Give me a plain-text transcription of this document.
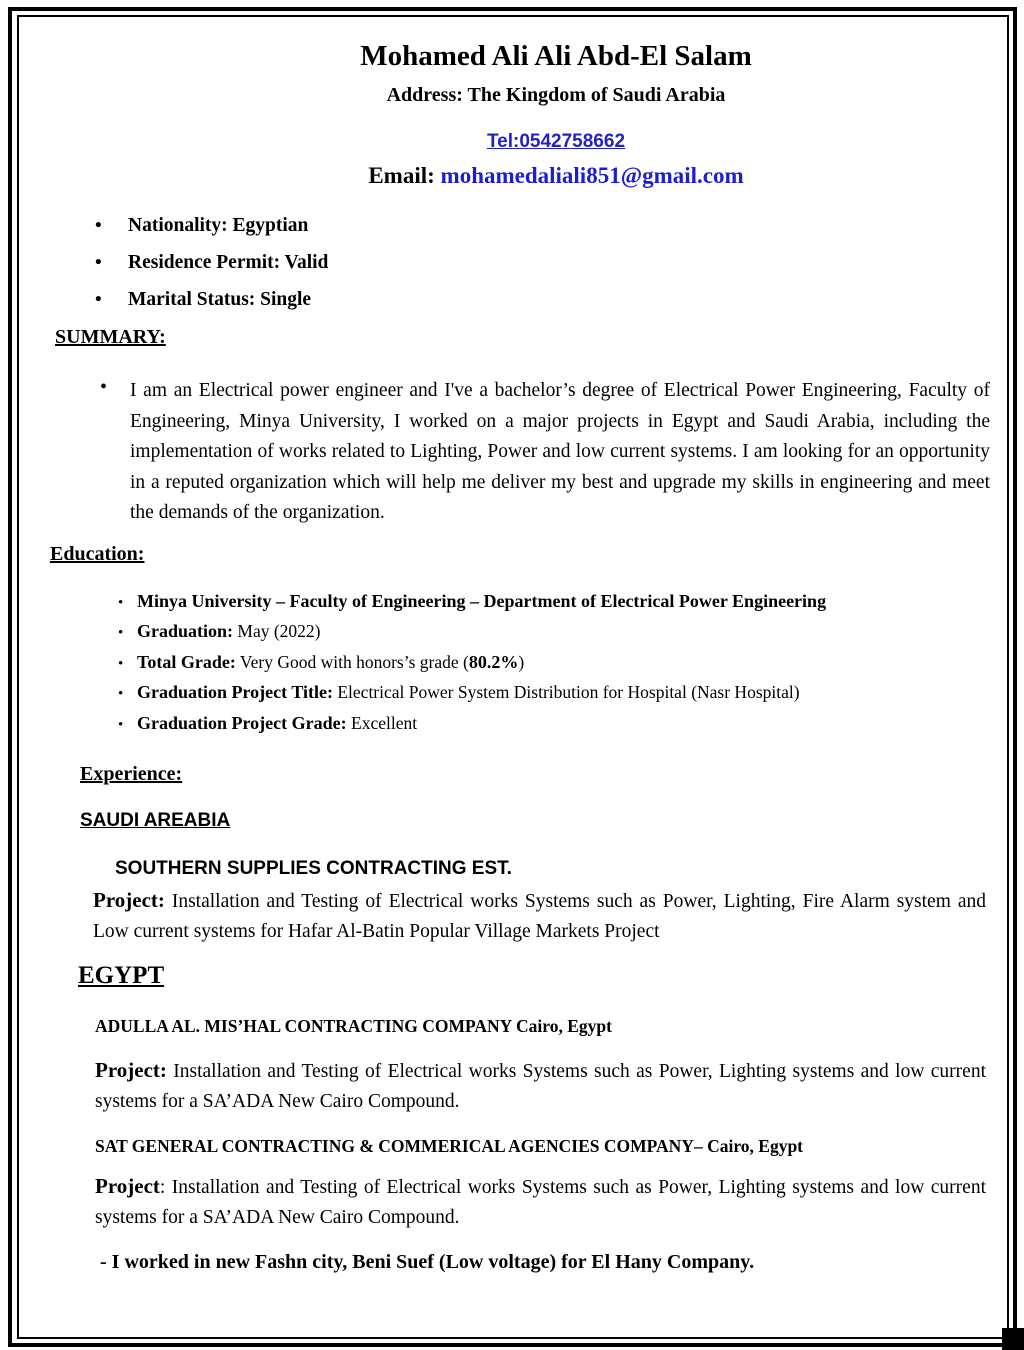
Mohamed Ali Ali Abd-El Salam
Address: The Kingdom of Saudi Arabia
Tel:0542758662
Email: mohamedaliali851@gmail.com
• Nationality: Egyptian
• Residence Permit: Valid
• Marital Status: Single
SUMMARY:
• I am an Electrical power engineer and I've a bachelor’s degree of Electrical Power Engineering, Faculty of Engineering, Minya University, I worked on a major projects in Egypt and Saudi Arabia, including the implementation of works related to Lighting, Power and low current systems. I am looking for an opportunity in a reputed organization which will help me deliver my best and upgrade my skills in engineering and meet the demands of the organization.

Education:
• Minya University – Faculty of Engineering – Department of Electrical Power Engineering
• Graduation: May (2022)
• Total Grade: Very Good with honors’s grade (80.2%)
• Graduation Project Title: Electrical Power System Distribution for Hospital (Nasr Hospital)
• Graduation Project Grade: Excellent
Experience:
SAUDI AREABIA
SOUTHERN SUPPLIES CONTRACTING EST.

Project: Installation and Testing of Electrical works Systems such as Power, Lighting, Fire Alarm system and Low current systems for Hafar Al-Batin Popular Village Markets Project

EGYPT
ADULLA AL. MIS’HAL CONTRACTING COMPANY Cairo, Egypt

Project: Installation and Testing of Electrical works Systems such as Power, Lighting systems and low current systems for a SA’ADA New Cairo Compound.

SAT GENERAL CONTRACTING & COMMERICAL AGENCIES COMPANY– Cairo, Egypt

Project: Installation and Testing of Electrical works Systems such as Power, Lighting systems and low current systems for a SA’ADA New Cairo Compound.

- I worked in new Fashn city, Beni Suef (Low voltage) for El Hany Company.
